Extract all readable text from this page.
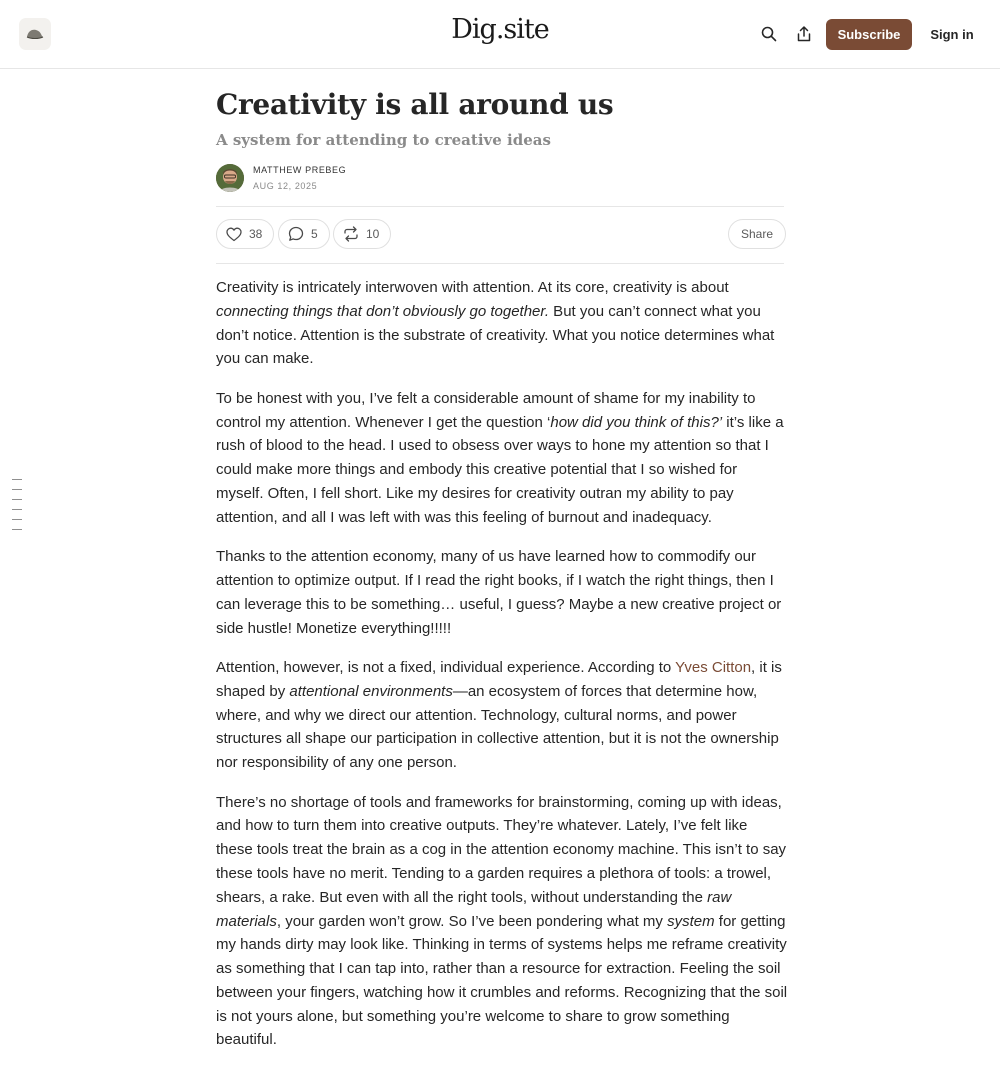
Dig.site	Subscribe	Sign in
Creativity is all around us
A system for attending to creative ideas
MATTHEW PREBEG
AUG 12, 2025
38	5	10	Share

Creativity is intricately interwoven with attention. At its core, creativity is about connecting things that don’t obviously go together. But you can’t connect what you don’t notice. Attention is the substrate of creativity. What you notice determines what you can make.

To be honest with you, I’ve felt a considerable amount of shame for my inability to control my attention. Whenever I get the question ‘how did you think of this?’ it’s like a rush of blood to the head. I used to obsess over ways to hone my attention so that I could make more things and embody this creative potential that I so wished for myself. Often, I fell short. Like my desires for creativity outran my ability to pay attention, and all I was left with was this feeling of burnout and inadequacy.

Thanks to the attention economy, many of us have learned how to commodify our attention to optimize output. If I read the right books, if I watch the right things, then I can leverage this to be something… useful, I guess? Maybe a new creative project or side hustle! Monetize everything!!!!!

Attention, however, is not a fixed, individual experience. According to Yves Citton, it is shaped by attentional environments—an ecosystem of forces that determine how, where, and why we direct our attention. Technology, cultural norms, and power structures all shape our participation in collective attention, but it is not the ownership nor responsibility of any one person.

There’s no shortage of tools and frameworks for brainstorming, coming up with ideas, and how to turn them into creative outputs. They’re whatever. Lately, I’ve felt like these tools treat the brain as a cog in the attention economy machine. This isn’t to say these tools have no merit. Tending to a garden requires a plethora of tools: a trowel, shears, a rake. But even with all the right tools, without understanding the raw materials, your garden won’t grow. So I’ve been pondering what my system for getting my hands dirty may look like. Thinking in terms of systems helps me reframe creativity as something that I can tap into, rather than a resource for extraction. Feeling the soil between your fingers, watching how it crumbles and reforms. Recognizing that the soil is not yours alone, but something you’re welcome to share to grow something beautiful.
